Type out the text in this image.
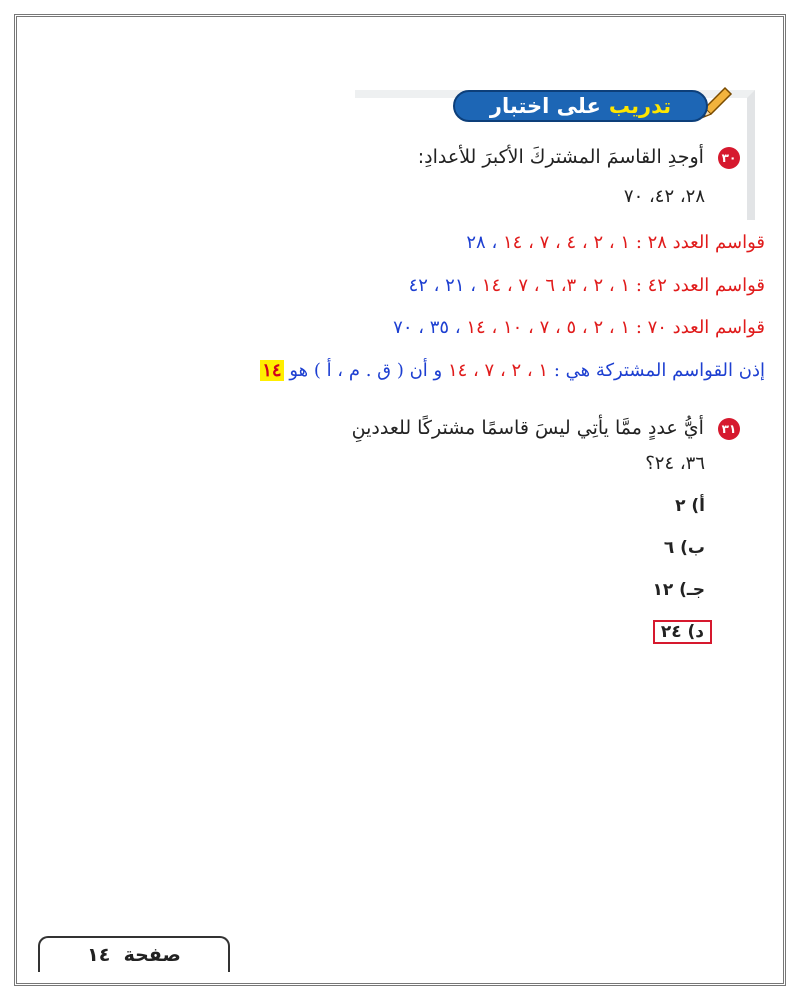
تدريب
على اختبار
٣٠ أوجدِ القاسمَ المشتركَ الأكبرَ للأعدادِ:
٢٨، ٤٢، ٧٠
قواسم العدد ٢٨ : ١ ، ٢ ، ٤ ، ٧ ، ١٤ ، ٢٨
قواسم العدد ٤٢ : ١ ، ٢ ، ٣، ٦ ، ٧ ، ١٤ ، ٢١ ، ٤٢
قواسم العدد ٧٠ : ١ ، ٢ ، ٥ ، ٧ ، ١٠ ، ١٤ ، ٣٥ ، ٧٠
إذن القواسم المشتركة هي : ١ ، ٢ ، ٧ ، ١٤ و أن ( ق . م ، أ ) هو ١٤
٣١ أيُّ عددٍ ممَّا يأتِي ليسَ قاسمًا مشتركًا للعددينِ
٣٦، ٢٤؟
أ) ٢
ب) ٦
جـ) ١٢
د) ٢٤
صفحة

١٤
